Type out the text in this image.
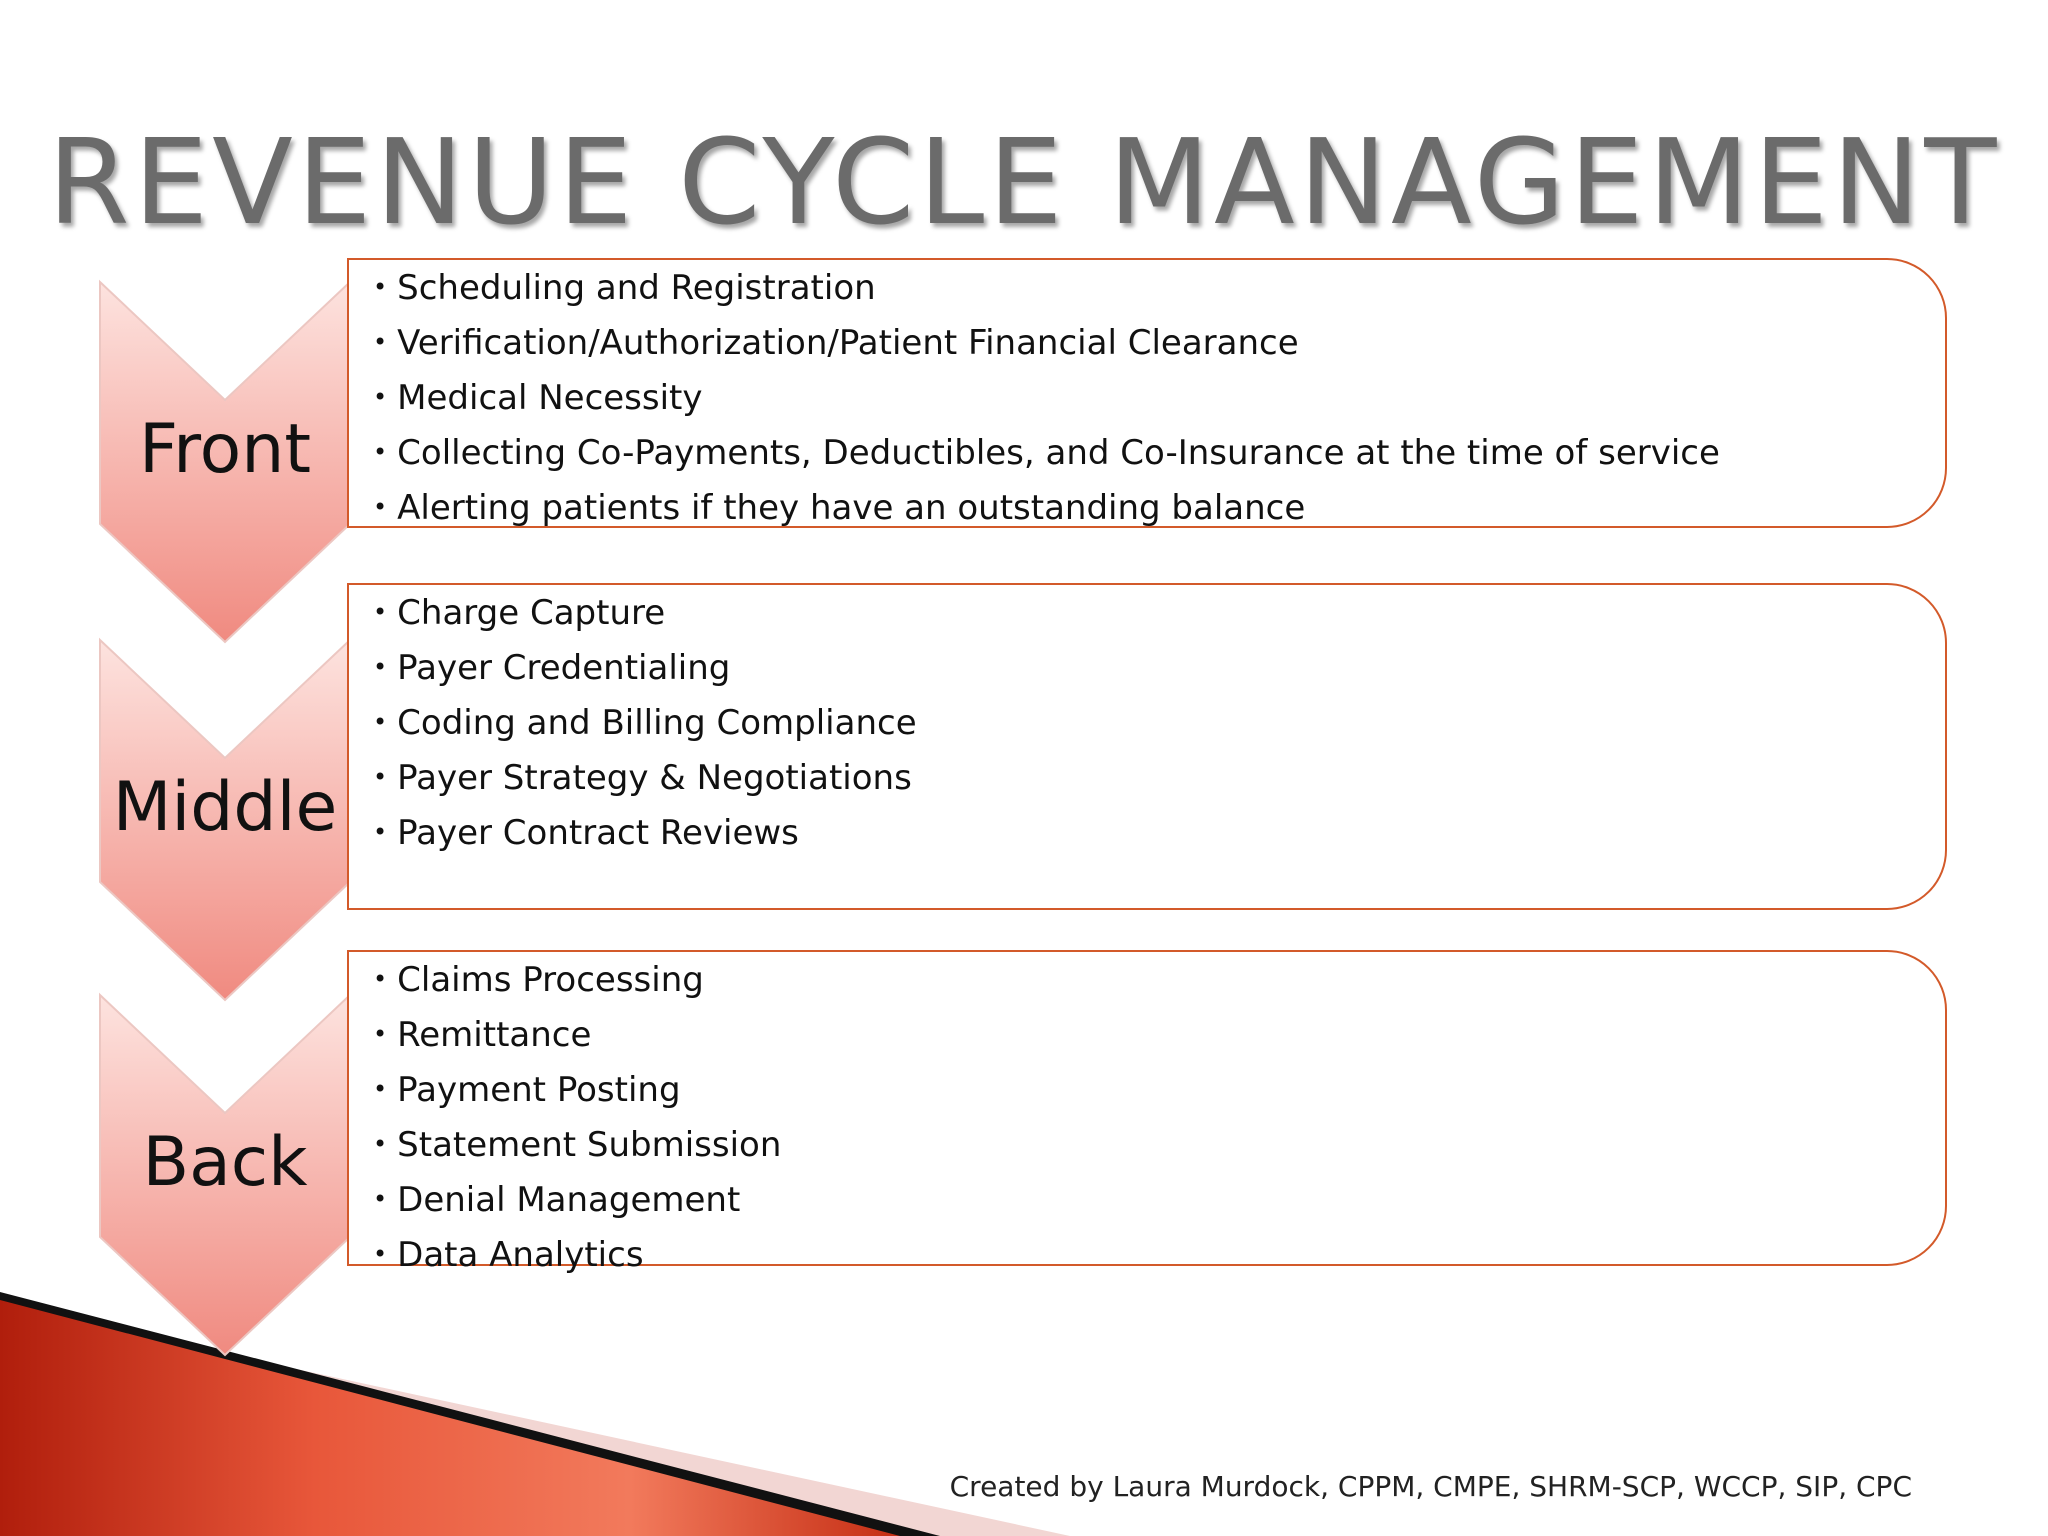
REVENUE CYCLE MANAGEMENT
Front
• Scheduling and Registration
• Verification/Authorization/Patient Financial Clearance
• Medical Necessity
• Collecting Co-Payments, Deductibles, and Co-Insurance at the time of service
• Alerting patients if they have an outstanding balance
Middle
• Charge Capture
• Payer Credentialing
• Coding and Billing Compliance
• Payer Strategy & Negotiations
• Payer Contract Reviews
Back
• Claims Processing
• Remittance
• Payment Posting
• Statement Submission
• Denial Management
• Data Analytics
Created by Laura Murdock, CPPM, CMPE, SHRM-SCP, WCCP, SIP, CPC
